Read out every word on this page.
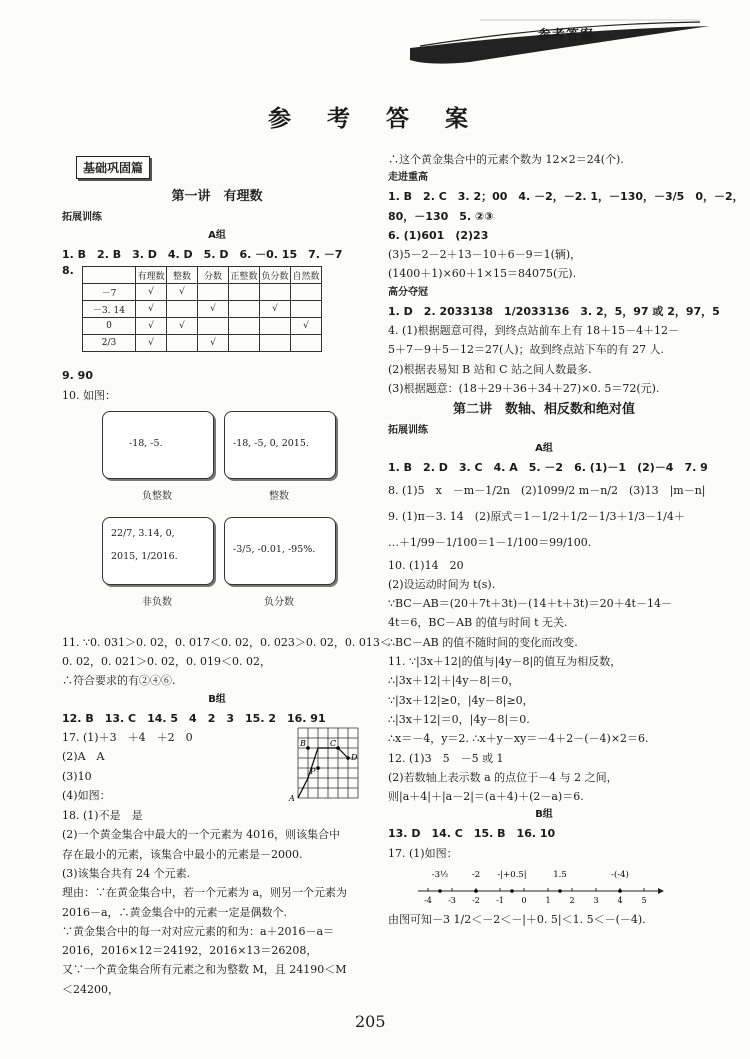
参考答案
参 考 答 案
基础巩固篇
第一讲　有理数
拓展训练
A组
1. B　2. B　3. D　4. D　5. D　6. －0. 15　7. －7
8.
		有理数	整数	分数	正整数	负分数	自然数
－7	√	√				
－3. 14	√		√		√	
0	√	√				√
2/3	√		√			
9. 90
10. 如图：
-18, -5.
负整数
-18, -5, 0, 2015.
整数
22/7, 3.14, 0,
2015, 1/2016.
非负数
-3/5, -0.01, -95%.
负分数
11. ∵0. 031＞0. 02，0. 017＜0. 02，0. 023＞0. 02，0. 013＜
0. 02，0. 021＞0. 02，0. 019＜0. 02，
∴符合要求的有②④⑥.
B组
12. B　13. C　14. 5　4　2　3　15. 2　16. 91
17. (1)＋3　＋4　＋2　0
(2)A　A
(3)10
(4)如图：
B	C
D
P
A
18. (1)不是　是
(2)一个黄金集合中最大的一个元素为 4016，则该集合中
存在最小的元素，该集合中最小的元素是－2000.
(3)该集合共有 24 个元素.
理由：∵在黄金集合中，若一个元素为 a，则另一个元素为
2016－a，∴黄金集合中的元素一定是偶数个.
∵黄金集合中的每一对对应元素的和为：a＋2016－a＝
2016，2016×12＝24192，2016×13＝26208，
又∵一个黄金集合所有元素之和为整数 M，且 24190＜M
＜24200，
∴这个黄金集合中的元素个数为 12×2＝24(个).
走进重高
1. B　2. C　3. 2；00　4. －2，－2. 1，－130，－3/5　0，－2，
80，－130　5. ②③
6. (1)601　(2)23
(3)5－2－2＋13－10＋6－9＝1(辆)，
(1400＋1)×60＋1×15＝84075(元).
高分夺冠
1. D　2. 2033138　1/2033136　3. 2，5，97 或 2，97，5
4. (1)根据题意可得，到终点站前车上有 18＋15－4＋12－
5＋7－9＋5－12＝27(人)；故到终点站下车的有 27 人.
(2)根据表易知 B 站和 C 站之间人数最多.
(3)根据题意：(18＋29＋36＋34＋27)×0. 5＝72(元).
第二讲　数轴、相反数和绝对值
拓展训练
A组
1. B　2. D　3. C　4. A　5. －2　6. (1)－1　(2)－4　7. 9
8. (1)5　x　－m－1/2n　(2)1099/2 m－n/2　(3)13　|m－n|
9. (1)π－3. 14　(2)原式＝1－1/2＋1/2－1/3＋1/3－1/4＋
…＋1/99－1/100＝1－1/100＝99/100.
10. (1)14　20
(2)设运动时间为 t(s).
∵BC－AB＝(20＋7t＋3t)－(14＋t＋3t)＝20＋4t－14－
4t＝6，BC－AB 的值与时间 t 无关.
∴BC－AB 的值不随时间的变化而改变.
11. ∵|3x＋12|的值与|4y－8|的值互为相反数，
∴|3x＋12|＋|4y－8|＝0，
∵|3x＋12|≥0，|4y－8|≥0，
∴|3x＋12|＝0，|4y－8|＝0.
∴x＝－4，y＝2. ∴x＋y－xy＝－4＋2－(－4)×2＝6.
12. (1)3　5　－5 或 1
(2)若数轴上表示数 a 的点位于－4 与 2 之间，
则|a＋4|＋|a－2|＝(a＋4)＋(2－a)＝6.
B组
13. D　14. C　15. B　16. 10
17. (1)如图：
-4 -3 -2 -1 0 1 2 3 4 5
-3½	-2 -|+0.5|	1.5	-(-4)
由图可知－3 1/2＜－2＜－|＋0. 5|＜1. 5＜－(－4).
205
